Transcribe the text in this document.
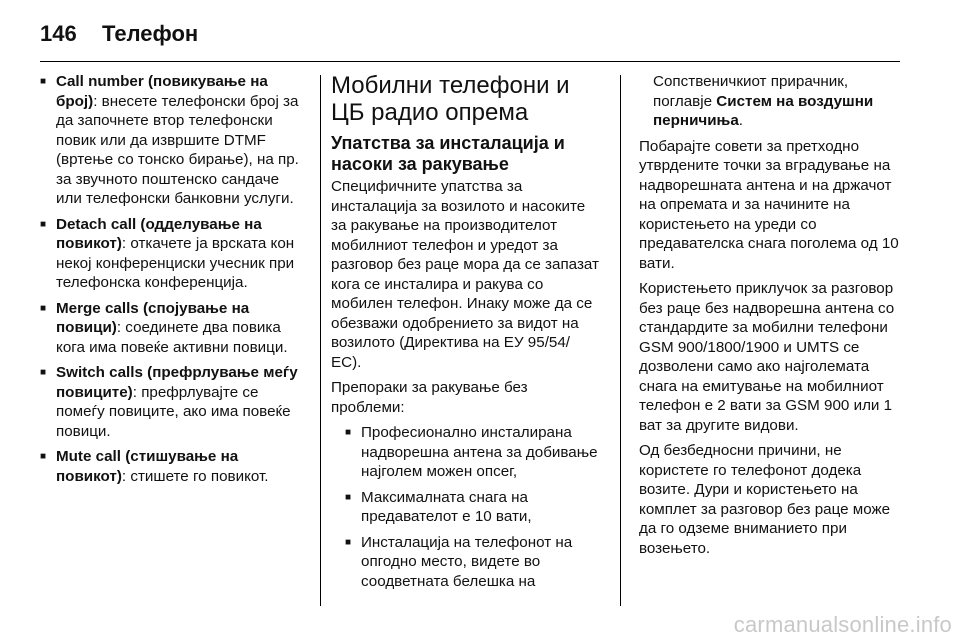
146	Телефон
■ Call number (повикување на број): внесете телефонски број за да започнете втор телефонски повик или да извршите DTMF (вртење со тонско бирање), на пр. за звучното поштенско сандаче или телефонски банковни услуги.
■ Detach call (одделување на повикот): откачете ја врската кон некој конференциски учесник при телефонска конференција.
■ Merge calls (спојување на повици): соединете два повика кога има повеќе активни повици.
■ Switch calls (префрлување меѓу повиците): префрлувајте се помеѓу повиците, ако има повеќе повици.
■ Mute call (стишување на повикот): стишете го повикот.
Мобилни телефони и ЦБ радио опрема
Упатства за инсталација и насоки за ракување

Специфичните упатства за инсталација за возилото и насоките за ракување на производителот мобилниот телефон и уредот за разговор без раце мора да се запазат кога се инсталира и ракува со мобилен телефон. Инаку може да се обезважи одобрението за видот на возилото (Директива на ЕУ 95/54/ ЕС).

Препораки за ракување без проблеми:

■ Професионално инсталирана надворешна антена за добивање најголем можен опсег,
■ Максималната снага на предавателот е 10 вати,
■ Инсталација на телефонот на опгодно место, видете во соодветната белешка на

Сопственичкиот прирачник, поглавје Систем на воздушни перничиња.

Побарајте совети за претходно утврдените точки за вградување на надворешната антена и на држачот на опремата и за начините на користењето на уреди со предавателска снага поголема од 10 вати.

Користењето приклучок за разговор без раце без надворешна антена со стандардите за мобилни телефони GSM 900/1800/1900 и UMTS се дозволени само ако најголемата снага на емитување на мобилниот телефон е 2 вати за GSM 900 или 1 ват за другите видови.

Од безбедносни причини, не користете го телефонот додека возите. Дури и користењето на комплет за разговор без раце може да го одземе вниманието при возењето.

carmanualsonline.info
